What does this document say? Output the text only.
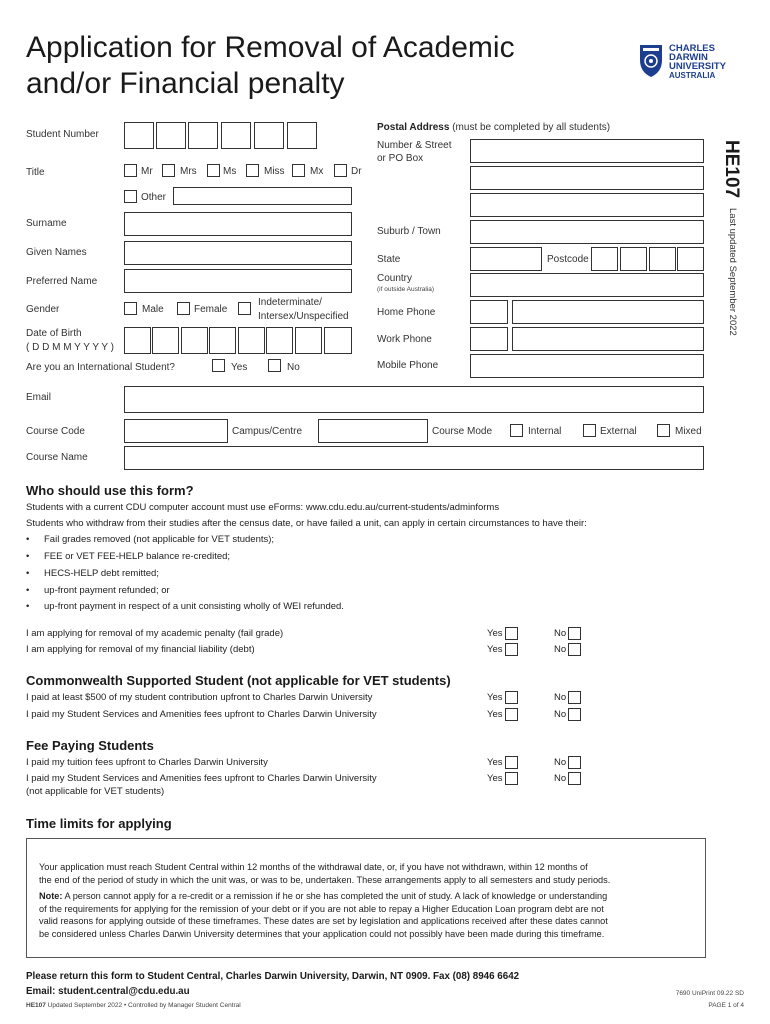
Application for Removal of Academic
and/or Financial penalty
CHARLES
DARWIN
UNIVERSITY
AUSTRALIA
HE107
Last updated September 2022
Student Number
Title	Mr	Mrs	Ms	Miss	Mx	Dr
Other
Surname
Given Names
Preferred Name
Gender	Male	Female
Indeterminate/
Intersex/Unspecified
Date of Birth
( D D M M Y Y Y Y )
Are you an International Student?	Yes	No
Postal Address (must be completed by all students)
Number & Street
or PO Box
Suburb / Town
State	Postcode
Country
(if outside Australia)
Home Phone
Work Phone
Mobile Phone
Email
Course Code	Campus/Centre	Course Mode	Internal	External	Mixed
Course Name
Who should use this form?
Students with a current CDU computer account must use eForms: www.cdu.edu.au/current-students/adminforms
Students who withdraw from their studies after the census date, or have failed a unit, can apply in certain circumstances to have their:
• Fail grades removed (not applicable for VET students);
• FEE or VET FEE-HELP balance re-credited;
• HECS-HELP debt remitted;
• up-front payment refunded; or
• up-front payment in respect of a unit consisting wholly of WEI refunded.
I am applying for removal of my academic penalty (fail grade)	Yes	No
I am applying for removal of my financial liability (debt)	Yes	No
Commonwealth Supported Student (not applicable for VET students)
I paid at least $500 of my student contribution upfront to Charles Darwin University	Yes	No
I paid my Student Services and Amenities fees upfront to Charles Darwin University	Yes	No
Fee Paying Students
I paid my tuition fees upfront to Charles Darwin University	Yes	No
I paid my Student Services and Amenities fees upfront to Charles Darwin University
(not applicable for VET students)
Yes	No
Time limits for applying

Your application must reach Student Central within 12 months of the withdrawal date, or, if you have not withdrawn, within 12 months of

the end of the period of study in which the unit was, or was to be, undertaken. These arrangements apply to all semesters and study periods.

Note: A person cannot apply for a re-credit or a remission if he or she has completed the unit of study. A lack of knowledge or understanding

of the requirements for applying for the remission of your debt or if you are not able to repay a Higher Education Loan program debt are not

valid reasons for applying outside of these timeframes. These dates are set by legislation and applications received after these dates cannot

be considered unless Charles Darwin University determines that your application could not possibly have been made during this timeframe.

Please return this form to Student Central, Charles Darwin University, Darwin, NT 0909. Fax (08) 8946 6642
Email: student.central@cdu.edu.au
HE107 Updated September 2022 • Controlled by Manager Student Central
7690 UniPrint 09.22 SD
PAGE 1 of 4
